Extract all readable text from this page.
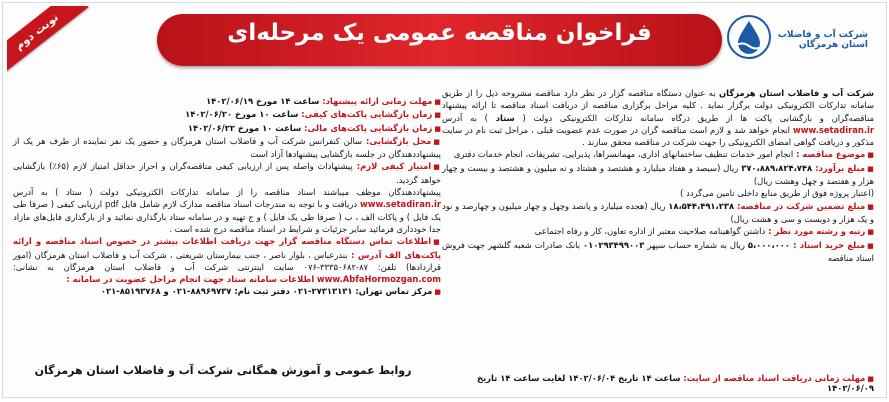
فراخوان مناقصه عمومی یک مرحله‌ای	شرکت آب و فاضلاب استان هرمزگان
نوبت دوم

شرکت آب و فاضلاب استان هرمزگان به عنوان دستگاه مناقصه گزار در نظر دارد مناقصه مشروحه ذیل را از طریق سامانه تدارکات الکترونیکی دولت برگزار نماید . کلیه مراحل برگزاری مناقصه از دریافت اسناد مناقصه تا ارائه پیشنهاد مناقصه‌گران و بازگشایی پاکت ها از طریق درگاه سامانه تدارکات الکترونیکی دولت ( ستاد ) به آدرس www.setadiran.ir انجام خواهد شد و لازم است مناقصه گران در صورت عدم عضویت قبلی ، مراحل ثبت نام در سایت مذکور و دریافت گواهی امضای الکترونیکی را جهت شرکت در مناقصه محقق سازند .

■موضوع مناقصه : انجام امور خدمات تنظیف ساختمانهای اداری، مهمانسراها، پذیرایی، تشریفات، انجام خدمات دفتری

■مبلغ برآورد: ۳۷۰،۸۸۹،۸۲۴،۷۴۸ ریال (سیصد و هفتاد میلیارد و هشتصد و هشتاد و نه میلیون و هشتصد و بیست و چهار هزار و هفتصد و چهل وهشت ریال)

(اعتبار پروژه فوق از طریق منابع داخلی تامین می‌گردد )

■مبلغ تضمین شرکت در مناقصه: ۱۸،۵۴۴،۴۹۱،۲۳۸ ریال (هجده میلیارد و پانصد وچهل و چهار میلیون و چهارصد و نود و یک هزار و دویست و سی و هشت ریال)

■رتبه و رشته مورد نظر : داشتن گواهینامه صلاحیت معتبر از اداره تعاون، کار و رفاه اجتماعی

■مبلغ خرید اسناد : ۵،۰۰۰،۰۰۰ ریال به شماره حساب سپهر ۰۱۰۲۹۳۴۹۹۰۰۳ بانک صادرات شعبه گلشهر جهت فروش اسناد مناقصه

■مهلت زمانی دریافت اسناد مناقصه از سایت: ساعت ۱۴ تاریخ ۱۴۰۲/۰۶/۰۴ لغایت ساعت ۱۴ تاریخ ۱۴۰۲/۰۶/۰۹

■مهلت زمانی ارائه پیشنهاد: ساعت ۱۴ مورخ ۱۴۰۲/۰۶/۱۹

■زمان بازگشایی پاکت‌های کیفی: ساعت ۱۰ مورخ ۱۴۰۲/۰۶/۲۰

■زمان بازگشایی پاکت‌های مالی: ساعت ۱۰ مورخ ۱۴۰۲/۰۶/۲۲

■محل بازگشایی: سالن کنفرانس شرکت آب و فاضلاب استان هرمزگان و حضور یک نفر نماینده از طرف هر یک از پیشنهاددهندگان در جلسه بازگشایی پیشنهادها آزاد است

■امتیاز کیفی لازم: پیشنهادات واصله پس از ارزیابی کیفی مناقصه‌گران و احراز حداقل امتیاز لازم (۶۵٪) بازگشایی خواهد گردید.

پیشنهاددهندگان موظف میباشند اسناد مناقصه را از سامانه تدارکات الکترونیکی دولت ( ستاد ) به آدرس www.setadiran.ir دریافت و با توجه به مندرجات اسناد مناقصه مدارک لازم شامل فایل pdf ارزیابی کیفی ( صرفا طی یک فایل ) و پاکات الف ، ب ( صرفا طی یک فایل ) و ج تهیه و در سامانه ستاد بارگذاری نمائید و از بارگذاری فایل‌های مازاد جدا خودداری فرمائید سایر جزئیات و شرایط در اسناد مناقصه درج شده است .

■اطلاعات تماس دستگاه مناقصه گزار جهت دریافت اطلاعات بیشتر در خصوص اسناد مناقصه و ارائه پاکت‌های الف آدرس : بندرعباس ، بلوار ناصر ، جنب بیمارستان شریعتی ، شرکت آب و فاضلاب استان هرمزگان (امور قراردادها) تلفن: ۸۷-۳۳۳۵۰۶۸۲-۰۷۶ سایت اینترنتی شرکت آب و فاضلاب استان هرمزگان به نشانی: www.AbfaHormozgan.com اطلاعات سامانه ستاد جهت انجام مراحل عضویت در سامانه :

■مرکز تماس تهران: ۲۷۳۱۳۱۳۱-۰۲۱ دفتر ثبت نام: ۸۸۹۶۹۷۳۷-۰۲۱ و ۸۵۱۹۳۷۶۸-۰۲۱

روابط عمومی و آموزش همگانی شرکت آب و فاضلاب استان هرمزگان
